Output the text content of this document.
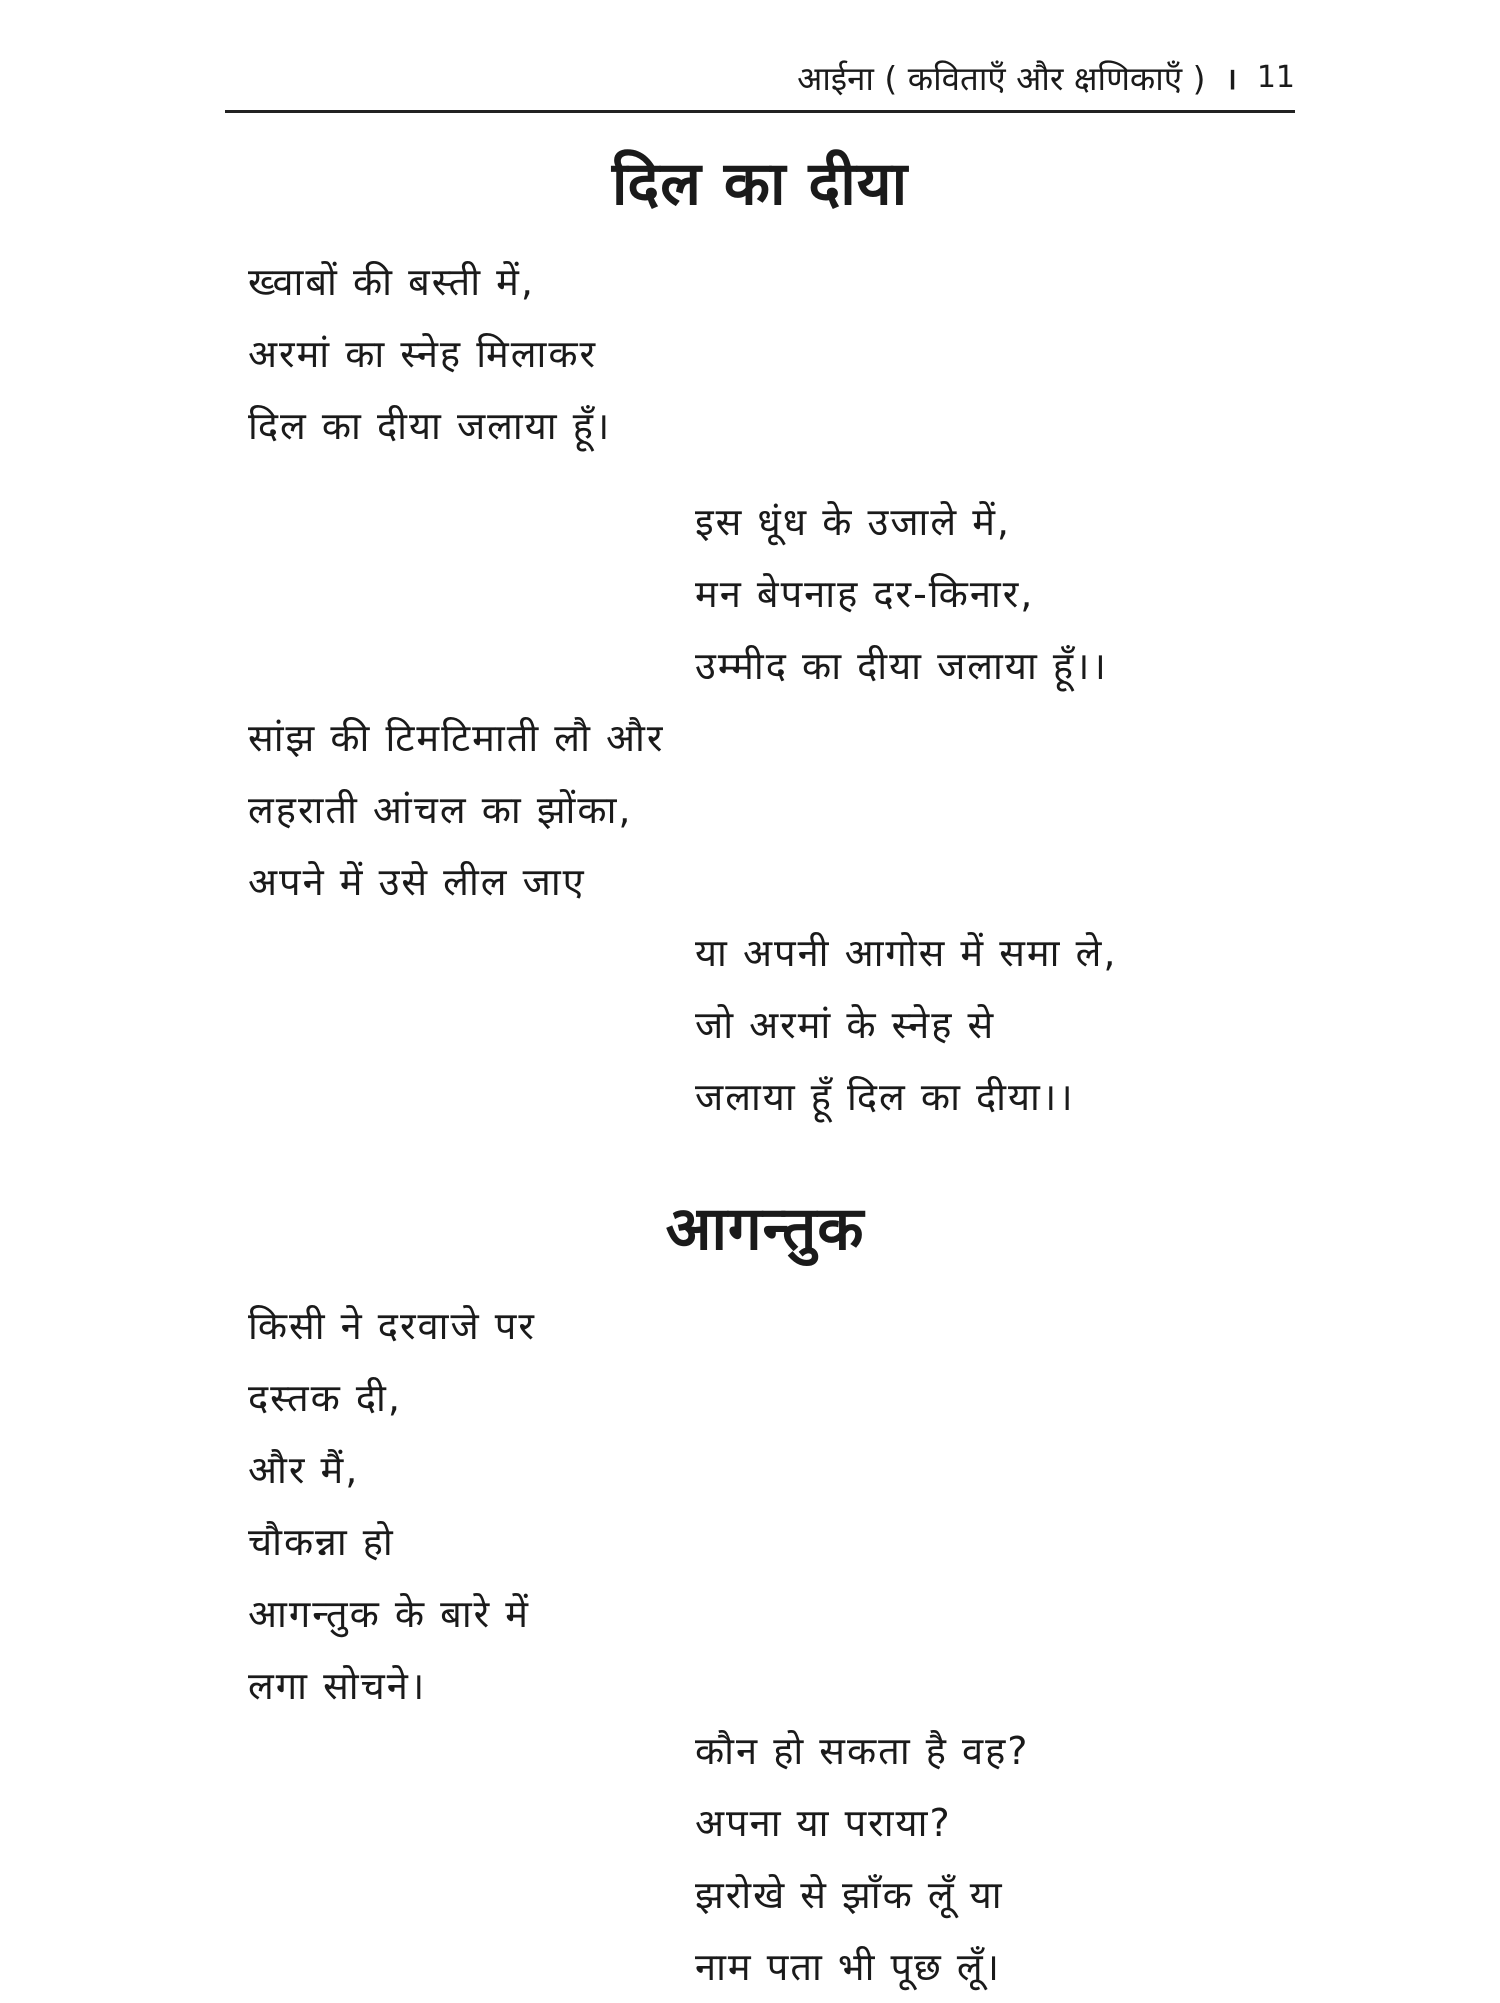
आईना ( कविताएँ और क्षणिकाएँ ) । 11
दिल का दीया
ख्वाबों की बस्ती में,
अरमां का स्नेह मिलाकर
दिल का दीया जलाया हूँ।
इस धूंध के उजाले में,
मन बेपनाह दर-किनार,
उम्मीद का दीया जलाया हूँ।।
सांझ की टिमटिमाती लौ और
लहराती आंचल का झोंका,
अपने में उसे लील जाए
या अपनी आगोस में समा ले,
जो अरमां के स्नेह से
जलाया हूँ दिल का दीया।।
आगन्तुक
किसी ने दरवाजे पर
दस्तक दी,
और मैं,
चौकन्ना हो
आगन्तुक के बारे में
लगा सोचने।
कौन हो सकता है वह?
अपना या पराया?
झरोखे से झाँक लूँ या
नाम पता भी पूछ लूँ।
